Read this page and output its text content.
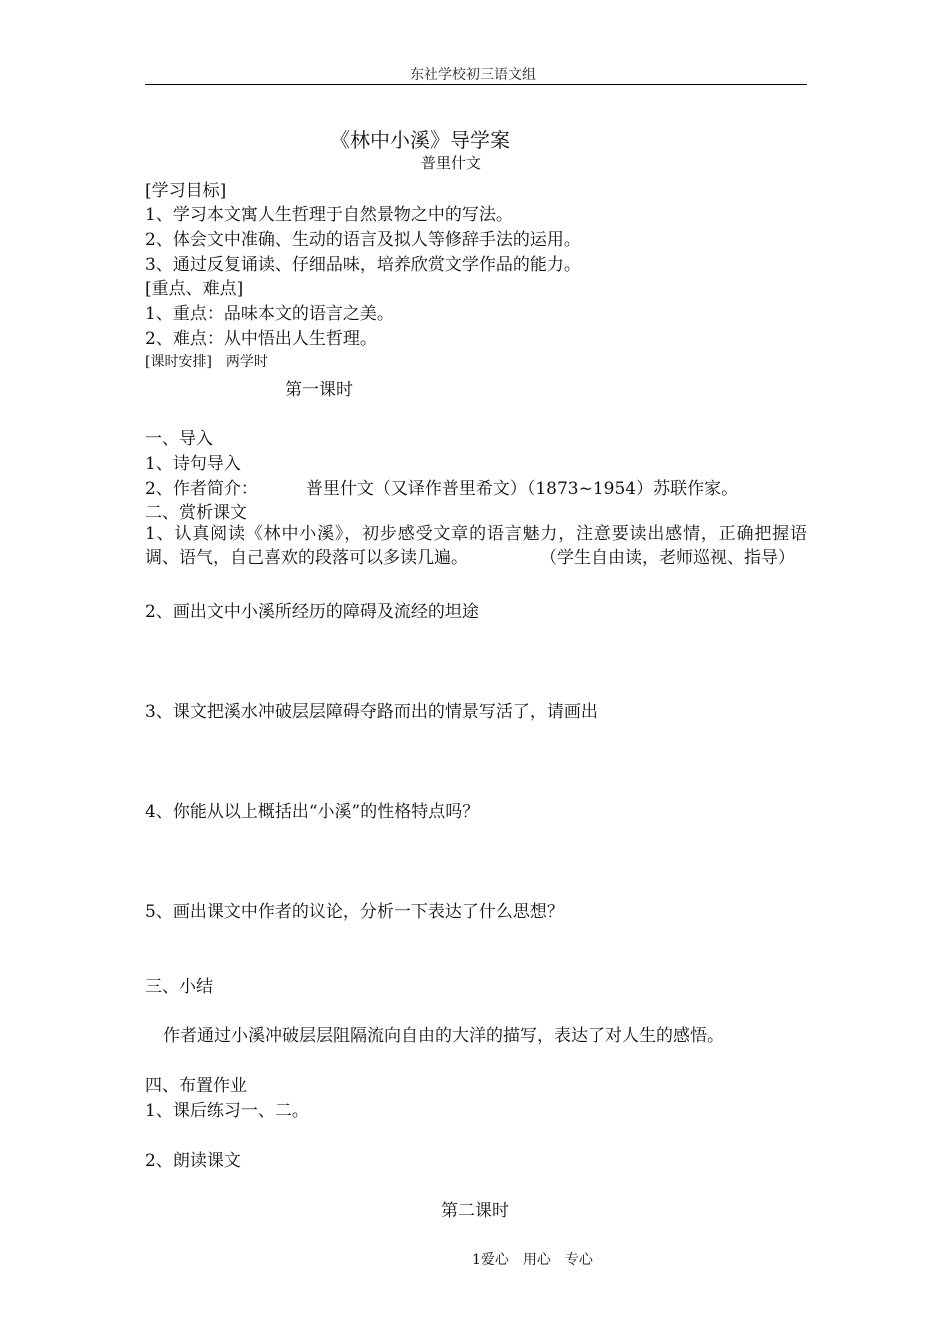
东社学校初三语文组
《林中小溪》导学案
普里什文
[学习目标]
1、学习本文寓人生哲理于自然景物之中的写法。
2、体会文中准确、生动的语言及拟人等修辞手法的运用。
3、通过反复诵读、仔细品味，培养欣赏文学作品的能力。
[重点、难点]
1、重点：品味本文的语言之美。
2、难点：从中悟出人生哲理。
[课时安排]　两学时
第一课时
一、导入
1、诗句导入
2、作者简介：	普里什文（又译作普里希文）（1873~1954）苏联作家。
二、赏析课文
1、认真阅读《林中小溪》，初步感受文章的语言魅力，注意要读出感情，正确把握语调、语气，自己喜欢的段落可以多读几遍。	（学生自由读，老师巡视、指导）
2、画出文中小溪所经历的障碍及流经的坦途
3、课文把溪水冲破层层障碍夺路而出的情景写活了，请画出
4、你能从以上概括出“小溪”的性格特点吗？
5、画出课文中作者的议论，分析一下表达了什么思想？
三、小结
作者通过小溪冲破层层阻隔流向自由的大洋的描写，表达了对人生的感悟。
四、布置作业
1、课后练习一、二。
2、朗读课文
第二课时
1爱心　用心　专心
